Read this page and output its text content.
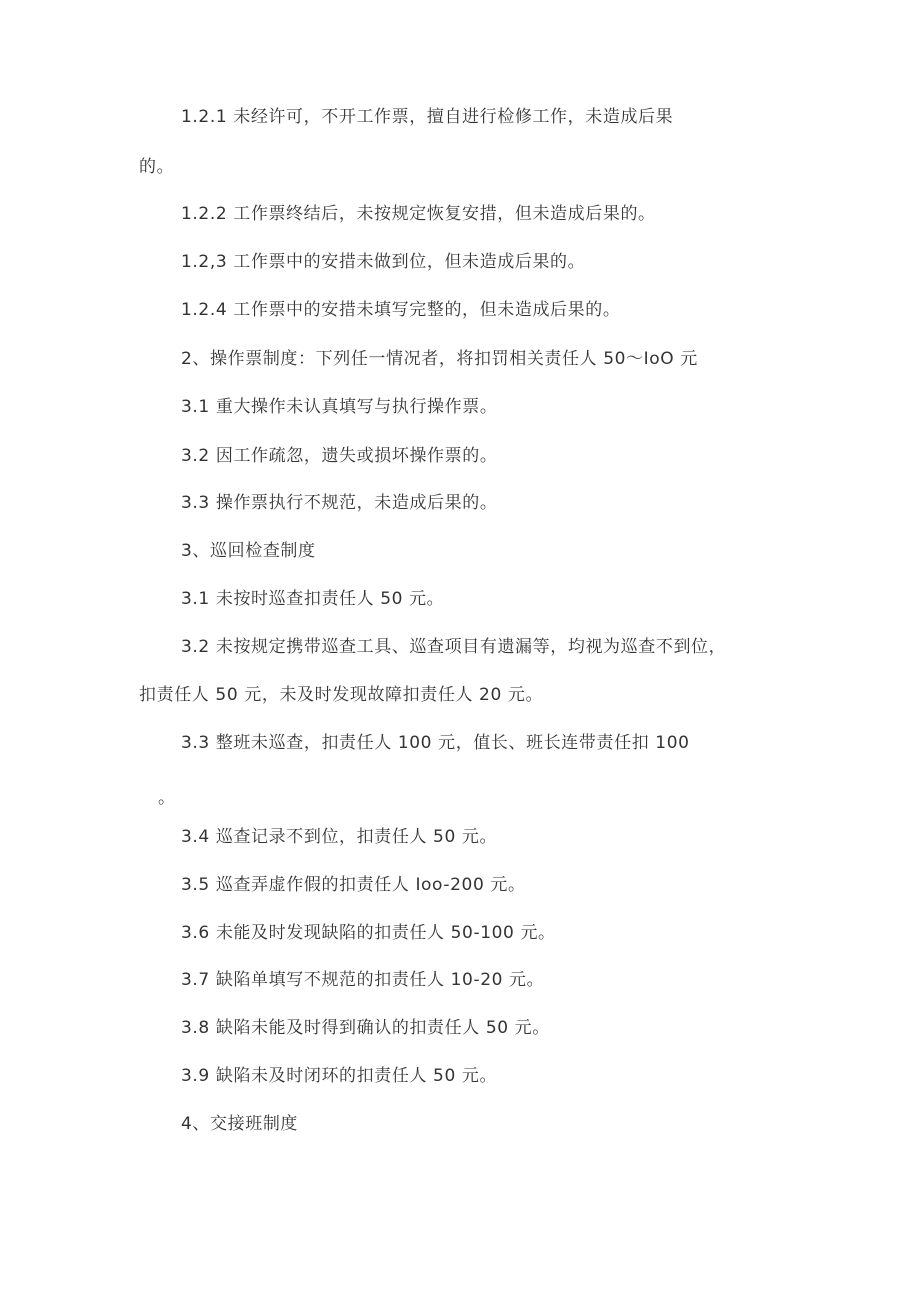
1.2.1 未经许可，不开工作票，擅自进行检修工作，未造成后果
的。
1.2.2 工作票终结后，未按规定恢复安措，但未造成后果的。
1.2,3 工作票中的安措未做到位，但未造成后果的。
1.2.4 工作票中的安措未填写完整的，但未造成后果的。
2、操作票制度：下列任一情况者，将扣罚相关责任人 50～IoO 元
3.1 重大操作未认真填写与执行操作票。
3.2 因工作疏忽，遗失或损坏操作票的。
3.3 操作票执行不规范，未造成后果的。
3、巡回检查制度
3.1 未按时巡查扣责任人 50 元。
3.2 未按规定携带巡查工具、巡查项目有遗漏等，均视为巡查不到位，
扣责任人 50 元，未及时发现故障扣责任人 20 元。
3.3 整班未巡查，扣责任人 100 元，值长、班长连带责任扣 100
。
3.4 巡查记录不到位，扣责任人 50 元。
3.5 巡查弄虚作假的扣责任人 Ioo-200 元。
3.6 未能及时发现缺陷的扣责任人 50-100 元。
3.7 缺陷单填写不规范的扣责任人 10-20 元。
3.8 缺陷未能及时得到确认的扣责任人 50 元。
3.9 缺陷未及时闭环的扣责任人 50 元。
4、交接班制度
